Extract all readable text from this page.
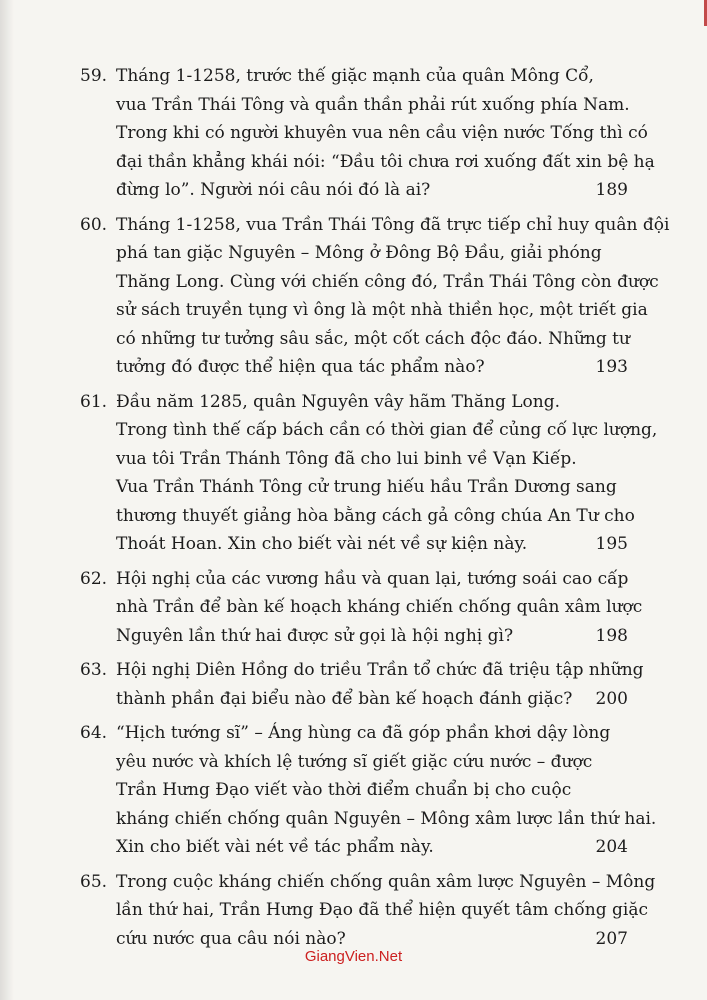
59. Tháng 1-1258, trước thế giặc mạnh của quân Mông Cổ,
vua Trần Thái Tông và quần thần phải rút xuống phía Nam.
Trong khi có người khuyên vua nên cầu viện nước Tống thì có
đại thần khẳng khái nói: “Đầu tôi chưa rơi xuống đất xin bệ hạ
đừng lo”. Người nói câu nói đó là ai?	189
60. Tháng 1-1258, vua Trần Thái Tông đã trực tiếp chỉ huy quân đội
phá tan giặc Nguyên – Mông ở Đông Bộ Đầu, giải phóng
Thăng Long. Cùng với chiến công đó, Trần Thái Tông còn được
sử sách truyền tụng vì ông là một nhà thiền học, một triết gia
có những tư tưởng sâu sắc, một cốt cách độc đáo. Những tư
tưởng đó được thể hiện qua tác phẩm nào?	193
61. Đầu năm 1285, quân Nguyên vây hãm Thăng Long.
Trong tình thế cấp bách cần có thời gian để củng cố lực lượng,
vua tôi Trần Thánh Tông đã cho lui binh về Vạn Kiếp.
Vua Trần Thánh Tông cử trung hiếu hầu Trần Dương sang
thương thuyết giảng hòa bằng cách gả công chúa An Tư cho
Thoát Hoan. Xin cho biết vài nét về sự kiện này.	195
62. Hội nghị của các vương hầu và quan lại, tướng soái cao cấp
nhà Trần để bàn kế hoạch kháng chiến chống quân xâm lược
Nguyên lần thứ hai được sử gọi là hội nghị gì?	198
63. Hội nghị Diên Hồng do triều Trần tổ chức đã triệu tập những
thành phần đại biểu nào để bàn kế hoạch đánh giặc?	200
64. “Hịch tướng sĩ” – Áng hùng ca đã góp phần khơi dậy lòng
yêu nước và khích lệ tướng sĩ giết giặc cứu nước – được
Trần Hưng Đạo viết vào thời điểm chuẩn bị cho cuộc
kháng chiến chống quân Nguyên – Mông xâm lược lần thứ hai.
Xin cho biết vài nét về tác phẩm này.	204
65. Trong cuộc kháng chiến chống quân xâm lược Nguyên – Mông
lần thứ hai, Trần Hưng Đạo đã thể hiện quyết tâm chống giặc
cứu nước qua câu nói nào?	207
GiangVien.Net
